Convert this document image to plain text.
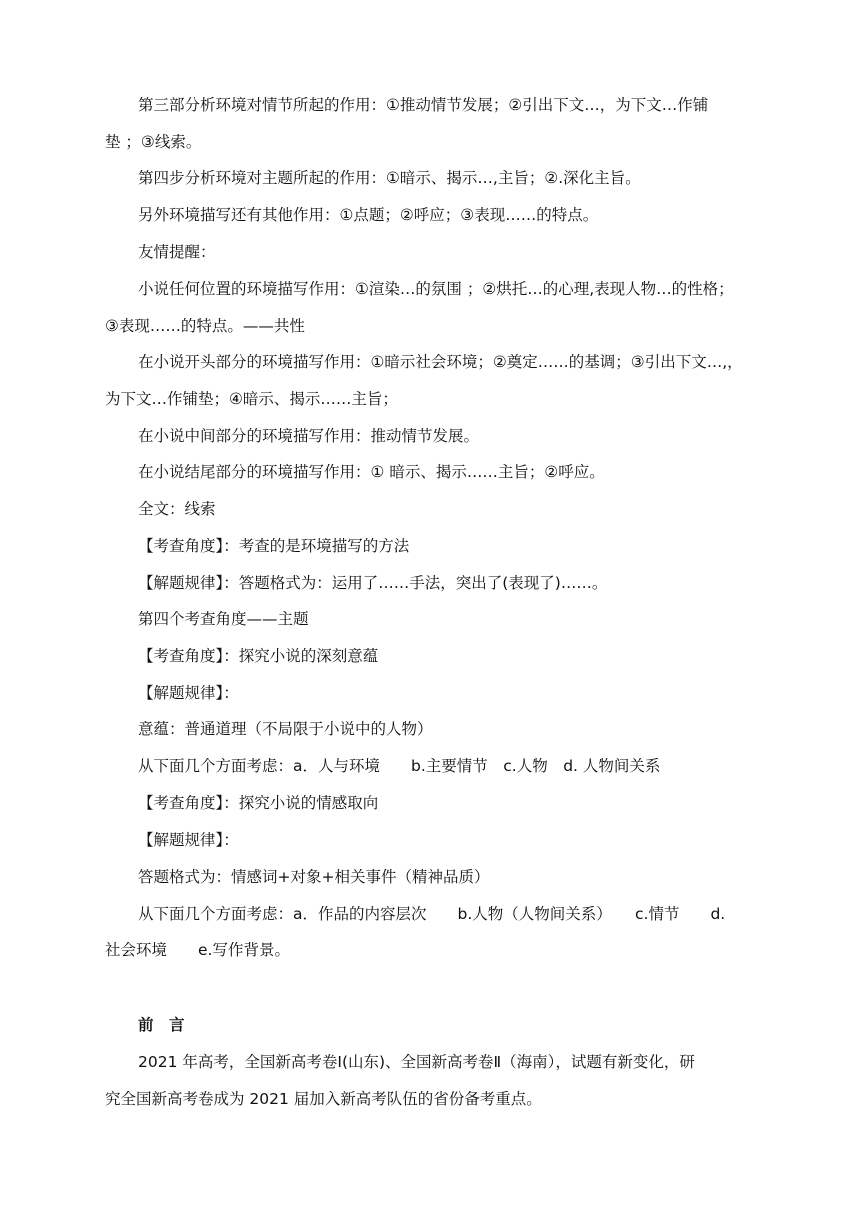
第三部分析环境对情节所起的作用：①推动情节发展；②引出下文…，为下文…作铺
垫 ；③线索。
第四步分析环境对主题所起的作用：①暗示、揭示…,主旨；②.深化主旨。
另外环境描写还有其他作用：①点题；②呼应；③表现……的特点。
友情提醒：
小说任何位置的环境描写作用：①渲染…的氛围 ；②烘托…的心理,表现人物…的性格；
③表现……的特点。——共性
在小说开头部分的环境描写作用：①暗示社会环境；②奠定……的基调；③引出下文…,，
为下文…作铺垫；④暗示、揭示……主旨；
在小说中间部分的环境描写作用：推动情节发展。
在小说结尾部分的环境描写作用：① 暗示、揭示……主旨；②呼应。
全文：线索
【考查角度】：考查的是环境描写的方法
【解题规律】：答题格式为：运用了……手法，突出了(表现了)……。
第四个考查角度——主题
【考查角度】：探究小说的深刻意蕴
【解题规律】：
意蕴：普通道理（不局限于小说中的人物）
从下面几个方面考虑：a．人与环境　　b.主要情节　c.人物　d. 人物间关系
【考查角度】：探究小说的情感取向
【解题规律】：
答题格式为：情感词+对象+相关事件（精神品质）
从下面几个方面考虑：a．作品的内容层次　　b.人物（人物间关系）　　c.情节　　d.
社会环境　　e.写作背景。
前　言
2021 年高考，全国新高考卷Ⅰ(山东)、全国新高考卷Ⅱ（海南），试题有新变化，研
究全国新高考卷成为 2021 届加入新高考队伍的省份备考重点。
